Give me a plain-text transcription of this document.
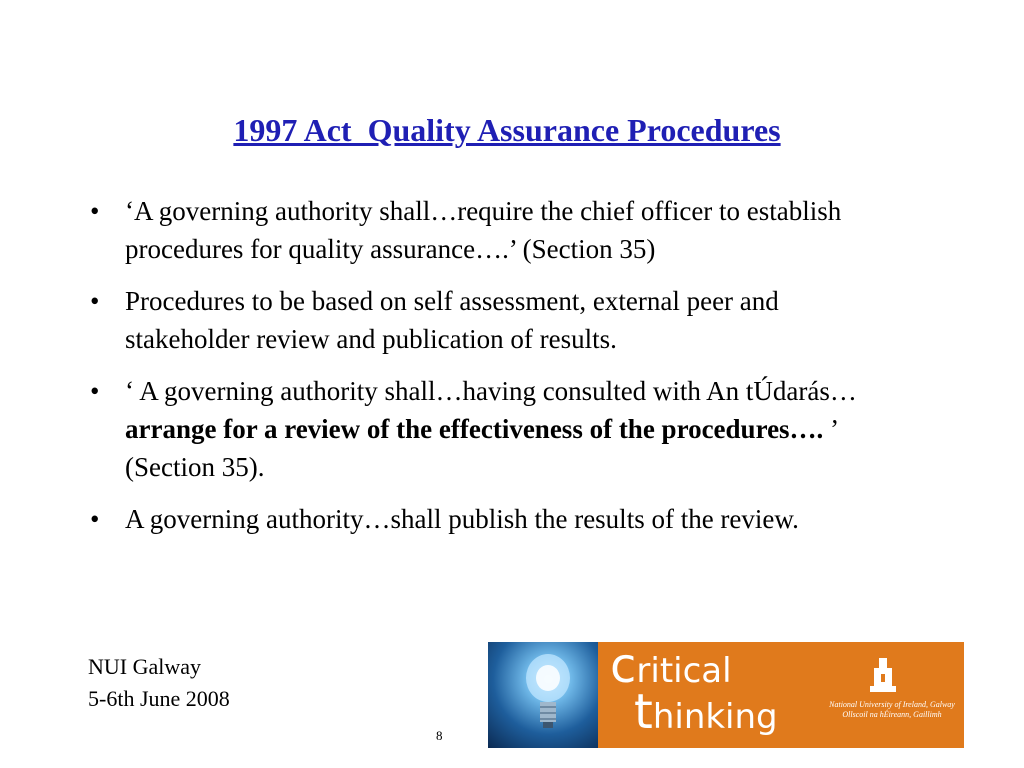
1997 Act  Quality Assurance Procedures
• ‘A governing authority shall…require the chief officer to establish procedures for quality assurance….’ (Section 35)
• Procedures to be based on self assessment, external peer and stakeholder review and publication of results.
• ‘ A governing authority shall…having consulted with An tÚdarás… arrange for a review of the effectiveness of the procedures…. ’ (Section 35).
• A governing authority…shall publish the results of the review.
NUI Galway
5-6th June 2008
8
critical
thinking	National University of Ireland, Galway
Ollscoil na hÉireann, Gaillimh
